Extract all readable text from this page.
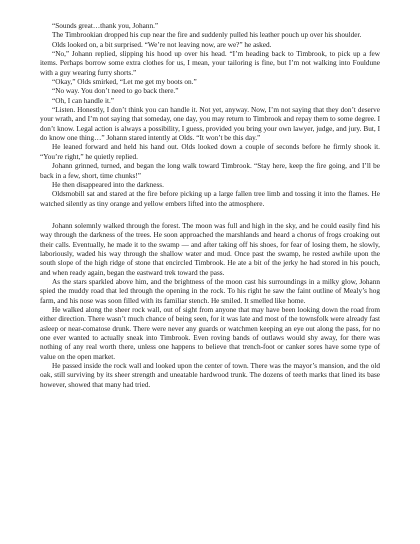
“Sounds great…thank you, Johann.”

The Timbrookian dropped his cup near the fire and suddenly pulled his leather pouch up over his shoulder.

Olds looked on, a bit surprised. “We’re not leaving now, are we?” he asked.

“No,” Johann replied, slipping his hood up over his head. “I’m heading back to Timbrook, to pick up a few items. Perhaps borrow some extra clothes for us, I mean, your tailoring is fine, but I’m not walking into Fouldune with a guy wearing furry shorts.”

“Okay,” Olds smirked, “Let me get my boots on.”

“No way. You don’t need to go back there.”

“Oh, I can handle it.”

“Listen. Honestly, I don’t think you can handle it. Not yet, anyway. Now, I’m not saying that they don’t deserve your wrath, and I’m not saying that someday, one day, you may return to Timbrook and repay them to some degree. I don’t know. Legal action is always a possibility, I guess, provided you bring your own lawyer, judge, and jury. But, I do know one thing…” Johann stared intently at Olds. “It won’t be this day.”

He leaned forward and held his hand out. Olds looked down a couple of seconds before he firmly shook it. “You’re right,” he quietly replied.

Johann grinned, turned, and began the long walk toward Timbrook. “Stay here, keep the fire going, and I’ll be back in a few, short, time chunks!”

He then disappeared into the darkness.

Oldsmobill sat and stared at the fire before picking up a large fallen tree limb and tossing it into the flames. He watched silently as tiny orange and yellow embers lifted into the atmosphere.

Johann solemnly walked through the forest. The moon was full and high in the sky, and he could easily find his way through the darkness of the trees. He soon approached the marshlands and heard a chorus of frogs croaking out their calls. Eventually, he made it to the swamp — and after taking off his shoes, for fear of losing them, he slowly, laboriously, waded his way through the shallow water and mud. Once past the swamp, he rested awhile upon the south slope of the high ridge of stone that encircled Timbrook. He ate a bit of the jerky he had stored in his pouch, and when ready again, began the eastward trek toward the pass.

As the stars sparkled above him, and the brightness of the moon cast his surroundings in a milky glow, Johann spied the muddy road that led through the opening in the rock. To his right he saw the faint outline of Mealy’s hog farm, and his nose was soon filled with its familiar stench. He smiled. It smelled like home.

He walked along the sheer rock wall, out of sight from anyone that may have been looking down the road from either direction. There wasn’t much chance of being seen, for it was late and most of the townsfolk were already fast asleep or near-comatose drunk. There were never any guards or watchmen keeping an eye out along the pass, for no one ever wanted to actually sneak into Timbrook. Even roving bands of outlaws would shy away, for there was nothing of any real worth there, unless one happens to believe that trench-foot or canker sores have some type of value on the open market.

He passed inside the rock wall and looked upon the center of town. There was the mayor’s mansion, and the old oak, still surviving by its sheer strength and uneatable hardwood trunk. The dozens of teeth marks that lined its base however, showed that many had tried.
